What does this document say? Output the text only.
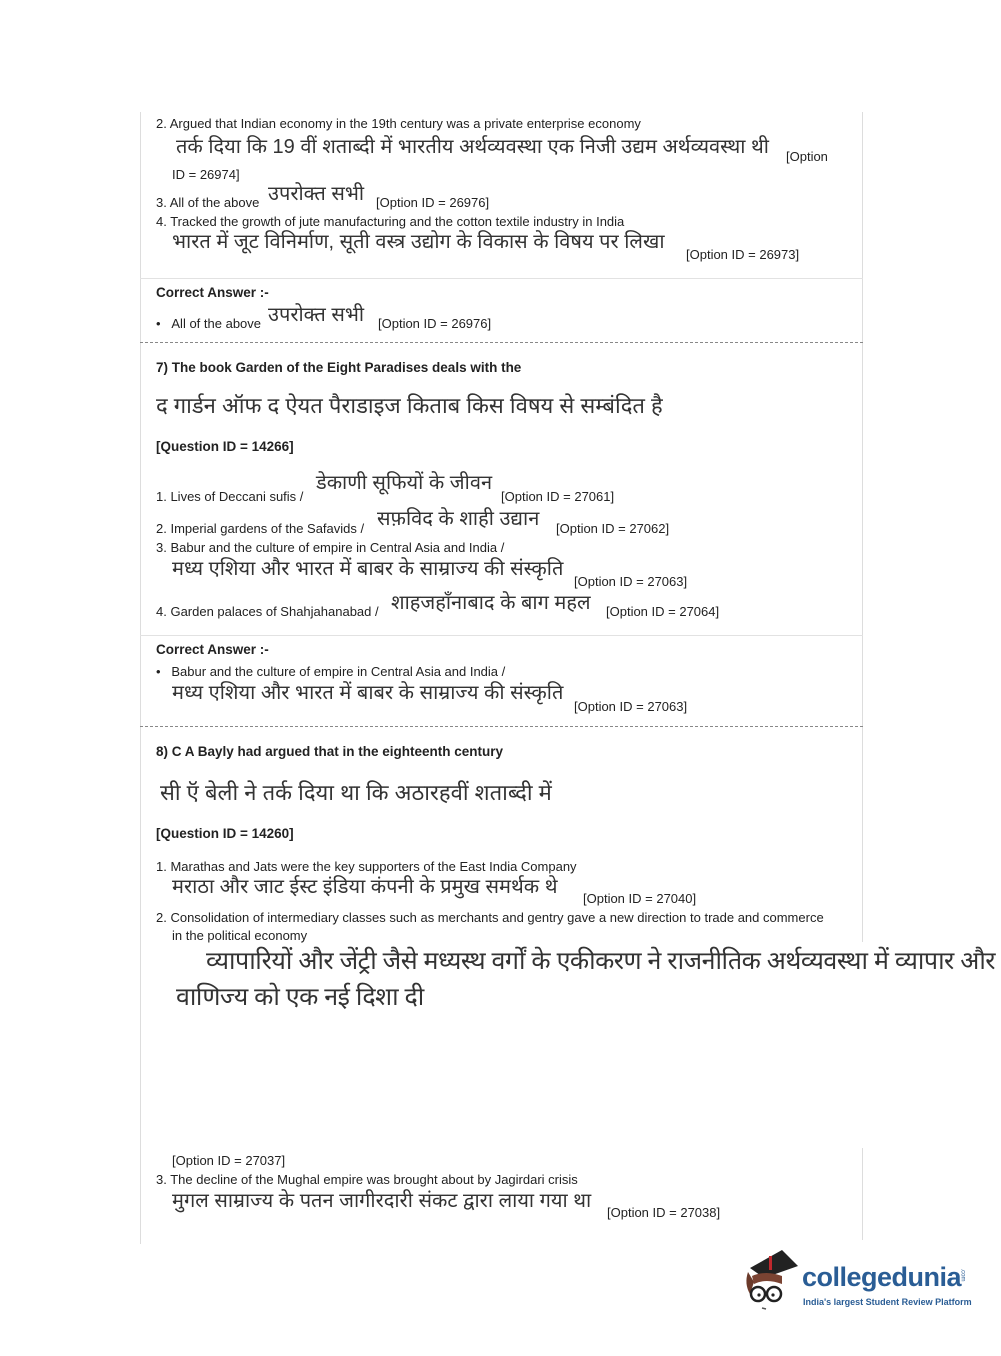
2. Argued that Indian economy in the 19th century was a private enterprise economy
तर्क दिया कि 19 वीं शताब्दी में भारतीय अर्थव्यवस्था एक निजी उद्यम अर्थव्यवस्था थी [Option
ID = 26974]
3. All of the above उपरोक्त सभी [Option ID = 26976]
4. Tracked the growth of jute manufacturing and the cotton textile industry in India
भारत में जूट विनिर्माण, सूती वस्त्र उद्योग के विकास के विषय पर लिखा
[Option ID = 26973]
Correct Answer :-
•   All of the above उपरोक्त सभी [Option ID = 26976]
7) The book Garden of the Eight Paradises deals with the
द गार्डन ऑफ द ऐयत पैराडाइज किताब किस विषय से सम्बंदित है
[Question ID = 14266]
1. Lives of Deccani sufis /
डेकाणी सूफियों के जीवन
[Option ID = 27061]
2. Imperial gardens of the Safavids / सफ़विद के शाही उद्यान [Option ID = 27062]
3. Babur and the culture of empire in Central Asia and India /
मध्य एशिया और भारत में बाबर के साम्राज्य की संस्कृति
[Option ID = 27063]
4. Garden palaces of Shahjahanabad / शाहजहाँनाबाद के बाग महल [Option ID = 27064]
Correct Answer :-
•   Babur and the culture of empire in Central Asia and India /
मध्य एशिया और भारत में बाबर के साम्राज्य की संस्कृति
[Option ID = 27063]
8) C A Bayly had argued that in the eighteenth century
सी ऍ बेली ने तर्क दिया था कि अठारहवीं शताब्दी में
[Question ID = 14260]
1. Marathas and Jats were the key supporters of the East India Company
मराठा और जाट ईस्ट इंडिया कंपनी के प्रमुख समर्थक थे
[Option ID = 27040]
2. Consolidation of intermediary classes such as merchants and gentry gave a new direction to trade and commerce
in the political economy
व्यापारियों और जेंट्री जैसे मध्यस्थ वर्गों के एकीकरण ने राजनीतिक अर्थव्यवस्था में व्यापार और
वाणिज्य को एक नई दिशा दी
[Option ID = 27037]
3. The decline of the Mughal empire was brought about by Jagirdari crisis
मुगल साम्राज्य के पतन जागीरदारी संकट द्वारा लाया गया था
[Option ID = 27038]
collegedunia
.com
India's largest Student Review Platform
